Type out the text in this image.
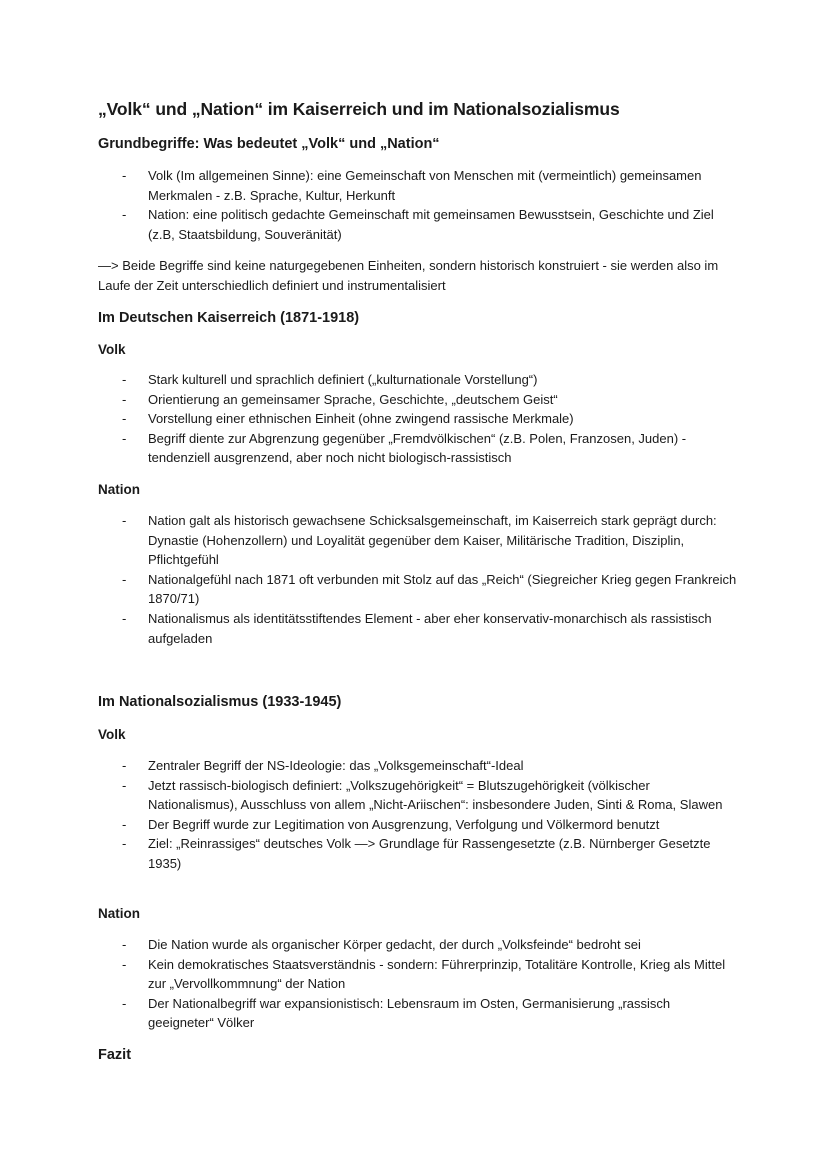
„Volk“ und „Nation“ im Kaiserreich und im Nationalsozialismus
Grundbegriffe: Was bedeutet „Volk“ und „Nation“
- Volk (Im allgemeinen Sinne): eine Gemeinschaft von Menschen mit (vermeintlich) gemeinsamen Merkmalen - z.B. Sprache, Kultur, Herkunft
- Nation: eine politisch gedachte Gemeinschaft mit gemeinsamen Bewusstsein, Geschichte und Ziel (z.B, Staatsbildung, Souveränität)

—> Beide Begriffe sind keine naturgegebenen Einheiten, sondern historisch konstruiert - sie werden also im Laufe der Zeit unterschiedlich definiert und instrumentalisiert

Im Deutschen Kaiserreich (1871-1918)
Volk
- Stark kulturell und sprachlich definiert („kulturnationale Vorstellung“)
- Orientierung an gemeinsamer Sprache, Geschichte, „deutschem Geist“
- Vorstellung einer ethnischen Einheit (ohne zwingend rassische Merkmale)
- Begriff diente zur Abgrenzung gegenüber „Fremdvölkischen“ (z.B. Polen, Franzosen, Juden) - tendenziell ausgrenzend, aber noch nicht biologisch-rassistisch
Nation
- Nation galt als historisch gewachsene Schicksalsgemeinschaft, im Kaiserreich stark geprägt durch: Dynastie (Hohenzollern) und Loyalität gegenüber dem Kaiser, Militärische Tradition, Disziplin, Pflichtgefühl
- Nationalgefühl nach 1871 oft verbunden mit Stolz auf das „Reich“ (Siegreicher Krieg gegen Frankreich 1870/71)
- Nationalismus als identitätsstiftendes Element - aber eher konservativ-monarchisch als rassistisch aufgeladen
Im Nationalsozialismus (1933-1945)
Volk
- Zentraler Begriff der NS-Ideologie: das „Volksgemeinschaft“-Ideal
- Jetzt rassisch-biologisch definiert: „Volkszugehörigkeit“ = Blutszugehörigkeit (völkischer Nationalismus), Ausschluss von allem „Nicht-Ariischen“: insbesondere Juden, Sinti & Roma, Slawen
- Der Begriff wurde zur Legitimation von Ausgrenzung, Verfolgung und Völkermord benutzt
- Ziel: „Reinrassiges“ deutsches Volk —> Grundlage für Rassengesetzte (z.B. Nürnberger Gesetzte 1935)
Nation
- Die Nation wurde als organischer Körper gedacht, der durch „Volksfeinde“ bedroht sei
- Kein demokratisches Staatsverständnis - sondern: Führerprinzip, Totalitäre Kontrolle, Krieg als Mittel zur „Vervollkommnung“ der Nation
- Der Nationalbegriff war expansionistisch: Lebensraum im Osten, Germanisierung „rassisch geeigneter“ Völker
Fazit
